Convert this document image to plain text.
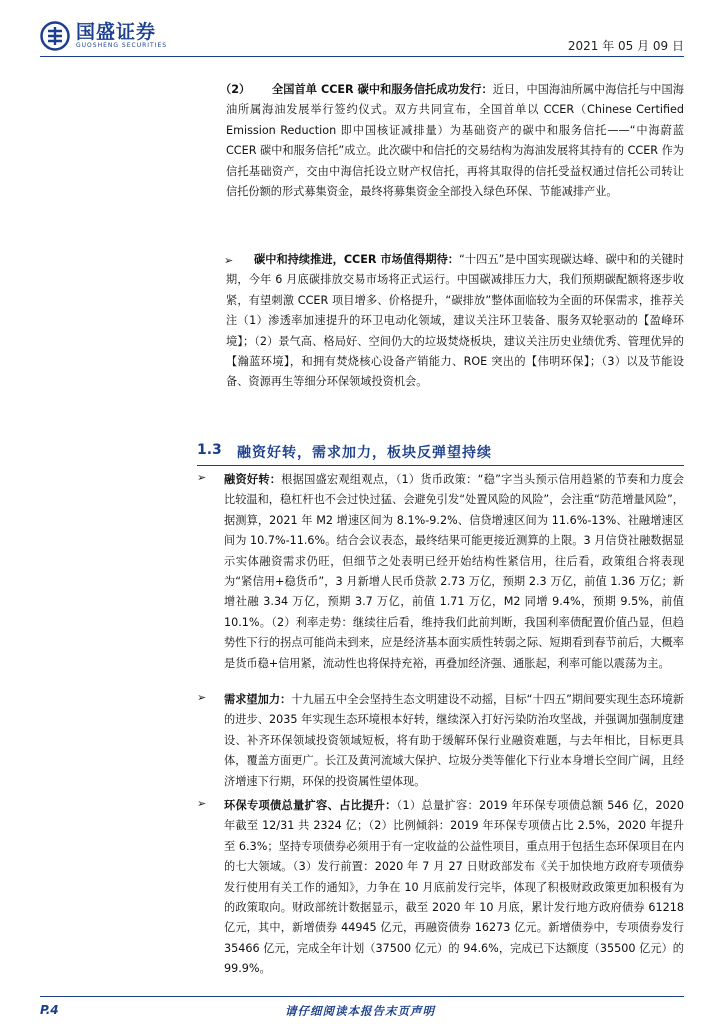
国盛证券
GUOSHENG SECURITIES	2021 年 05 月 09 日
（2）	全国首单 CCER 碳中和服务信托成功发行：近日，中国海油所属中海信托与中国海油所属海油发展举行签约仪式。双方共同宣布，全国首单以 CCER（Chinese Certified Emission Reduction 即中国核证减排量）为基础资产的碳中和服务信托——“中海蔚蓝 CCER 碳中和服务信托”成立。此次碳中和信托的交易结构为海油发展将其持有的 CCER 作为信托基础资产，交由中海信托设立财产权信托，再将其取得的信托受益权通过信托公司转让信托份额的形式募集资金，最终将募集资金全部投入绿色环保、节能减排产业。
➢	碳中和持续推进，CCER 市场值得期待：“十四五”是中国实现碳达峰、碳中和的关键时期，今年 6 月底碳排放交易市场将正式运行。中国碳减排压力大，我们预期碳配额将逐步收紧，有望刺激 CCER 项目增多、价格提升，“碳排放”整体面临较为全面的环保需求，推荐关注（1）渗透率加速提升的环卫电动化领域，建议关注环卫装备、服务双轮驱动的【盈峰环境】；（2）景气高、格局好、空间仍大的垃圾焚烧板块，建议关注历史业绩优秀、管理优异的【瀚蓝环境】，和拥有焚烧核心设备产销能力、ROE 突出的【伟明环保】；（3）以及节能设备、资源再生等细分环保领域投资机会。
1.3 融资好转，需求加力，板块反弹望持续
➢ 融资好转：根据国盛宏观组观点，（1）货币政策：“稳”字当头预示信用趋紧的节奏和力度会比较温和，稳杠杆也不会过快过猛、会避免引发“处置风险的风险”，会注重“防范增量风险”，据测算，2021 年 M2 增速区间为 8.1%-9.2%、信贷增速区间为 11.6%-13%、社融增速区间为 10.7%-11.6%。结合会议表态，最终结果可能更接近测算的上限。3 月信贷社融数据显示实体融资需求仍旺，但细节之处表明已经开始结构性紧信用，往后看，政策组合将表现为“紧信用+稳货币”，3 月新增人民币贷款 2.73 万亿，预期 2.3 万亿，前值 1.36 万亿；新增社融 3.34 万亿，预期 3.7 万亿，前值 1.71 万亿，M2 同增 9.4%，预期 9.5%，前值 10.1%。（2）利率走势：继续往后看，维持我们此前判断，我国利率债配置价值凸显，但趋势性下行的拐点可能尚未到来，应是经济基本面实质性转弱之际、短期看到春节前后，大概率是货币稳+信用紧，流动性也将保持充裕，再叠加经济强、通胀起，利率可能以震荡为主。
➢ 需求望加力：十九届五中全会坚持生态文明建设不动摇，目标“十四五”期间要实现生态环境新的进步、2035 年实现生态环境根本好转，继续深入打好污染防治攻坚战，并强调加强制度建设、补齐环保领域投资领域短板，将有助于缓解环保行业融资难题，与去年相比，目标更具体，覆盖方面更广。长江及黄河流域大保护、垃圾分类等催化下行业本身增长空间广阔，且经济增速下行期，环保的投资属性望体现。
➢ 环保专项债总量扩容、占比提升：（1）总量扩容：2019 年环保专项债总额 546 亿，2020 年截至 12/31 共 2324 亿；（2）比例倾斜：2019 年环保专项债占比 2.5%，2020 年提升至 6.3%；坚持专项债券必须用于有一定收益的公益性项目，重点用于包括生态环保项目在内的七大领域。（3）发行前置：2020 年 7 月 27 日财政部发布《关于加快地方政府专项债券发行使用有关工作的通知》，力争在 10 月底前发行完毕，体现了积极财政政策更加积极有为的政策取向。财政部统计数据显示，截至 2020 年 10 月底，累计发行地方政府债券 61218 亿元，其中，新增债券 44945 亿元，再融资债券 16273 亿元。新增债券中，专项债券发行 35466 亿元，完成全年计划（37500 亿元）的 94.6%，完成已下达额度（35500 亿元）的 99.9%。
P.4	请仔细阅读本报告末页声明
